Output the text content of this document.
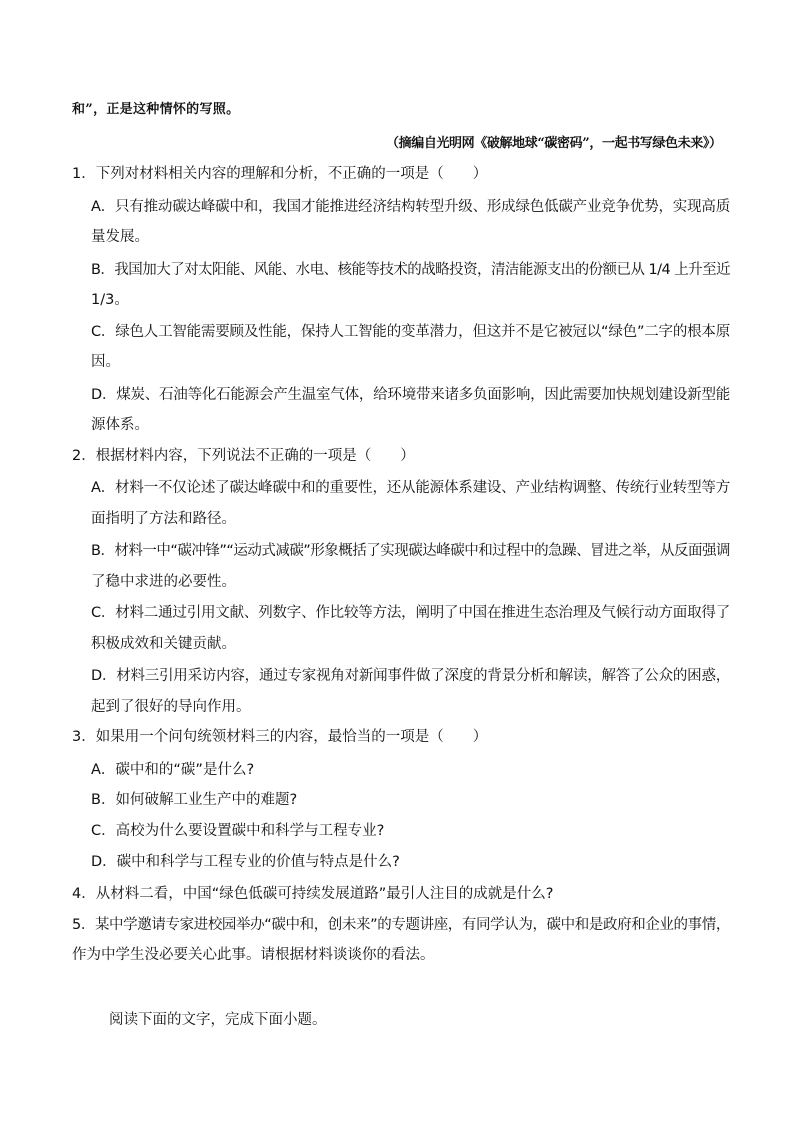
和”，正是这种情怀的写照。
（摘编自光明网《破解地球“碳密码”，一起书写绿色未来》）
1．下列对材料相关内容的理解和分析，不正确的一项是（　　）
A．只有推动碳达峰碳中和，我国才能推进经济结构转型升级、形成绿色低碳产业竞争优势，实现高质
量发展。
B．我国加大了对太阳能、风能、水电、核能等技术的战略投资，清洁能源支出的份额已从 1/4 上升至近
1/3。
C．绿色人工智能需要顾及性能，保持人工智能的变革潜力，但这并不是它被冠以“绿色”二字的根本原
因。
D．煤炭、石油等化石能源会产生温室气体，给环境带来诸多负面影响，因此需要加快规划建设新型能
源体系。
2．根据材料内容，下列说法不正确的一项是（　　）
A．材料一不仅论述了碳达峰碳中和的重要性，还从能源体系建设、产业结构调整、传统行业转型等方
面指明了方法和路径。
B．材料一中“碳冲锋”“运动式减碳”形象概括了实现碳达峰碳中和过程中的急躁、冒进之举，从反面强调
了稳中求进的必要性。
C．材料二通过引用文献、列数字、作比较等方法，阐明了中国在推进生态治理及气候行动方面取得了
积极成效和关键贡献。
D．材料三引用采访内容，通过专家视角对新闻事件做了深度的背景分析和解读，解答了公众的困惑，
起到了很好的导向作用。
3．如果用一个问句统领材料三的内容，最恰当的一项是（　　）
A．碳中和的“碳”是什么?
B．如何破解工业生产中的难题?
C．高校为什么要设置碳中和科学与工程专业?
D．碳中和科学与工程专业的价值与特点是什么?
4．从材料二看，中国“绿色低碳可持续发展道路”最引人注目的成就是什么?
5．某中学邀请专家进校园举办“碳中和，创未来”的专题讲座，有同学认为，碳中和是政府和企业的事情，
作为中学生没必要关心此事。请根据材料谈谈你的看法。
阅读下面的文字，完成下面小题。
